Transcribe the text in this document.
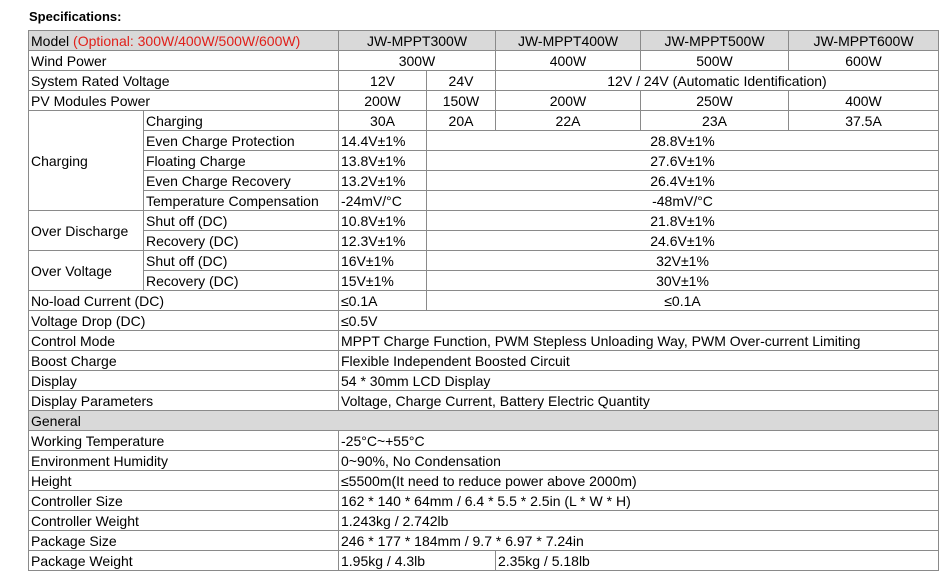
Specifications:
Model (Optional: 300W/400W/500W/600W)		JW-MPPT300W		JW-MPPT400W	JW-MPPT500W	JW-MPPT600W
Wind Power		300W		400W	500W	600W
System Rated Voltage		12V	24V	12V / 24V (Automatic Identification)		
PV Modules Power		200W	150W	200W	250W	400W
Charging	Charging	30A	20A	22A	23A	37.5A
	Even Charge Protection	14.4V±1%	28.8V±1%			
	Floating Charge	13.8V±1%	27.6V±1%			
	Even Charge Recovery	13.2V±1%	26.4V±1%			
	Temperature Compensation	-24mV/°C	-48mV/°C			
Over Discharge	Shut off (DC)	10.8V±1%	21.8V±1%			
	Recovery (DC)	12.3V±1%	24.6V±1%			
Over Voltage	Shut off (DC)	16V±1%	32V±1%			
	Recovery (DC)	15V±1%	30V±1%			
No-load Current (DC)		≤0.1A	≤0.1A			
Voltage Drop (DC)		≤0.5V				
Control Mode		MPPT Charge Function, PWM Stepless Unloading Way, PWM Over-current Limiting				
Boost Charge		Flexible Independent Boosted Circuit				
Display		54 * 30mm LCD Display				
Display Parameters		Voltage, Charge Current, Battery Electric Quantity				
General						
Working Temperature		-25°C~+55°C				
Environment Humidity		0~90%, No Condensation				
Height		≤5500m(It need to reduce power above 2000m)				
Controller Size		162 * 140 * 64mm / 6.4 * 5.5 * 2.5in (L * W * H)				
Controller Weight		1.243kg / 2.742lb				
Package Size		246 * 177 * 184mm / 9.7 * 6.97 * 7.24in				
Package Weight		1.95kg / 4.3lb		2.35kg / 5.18lb		
